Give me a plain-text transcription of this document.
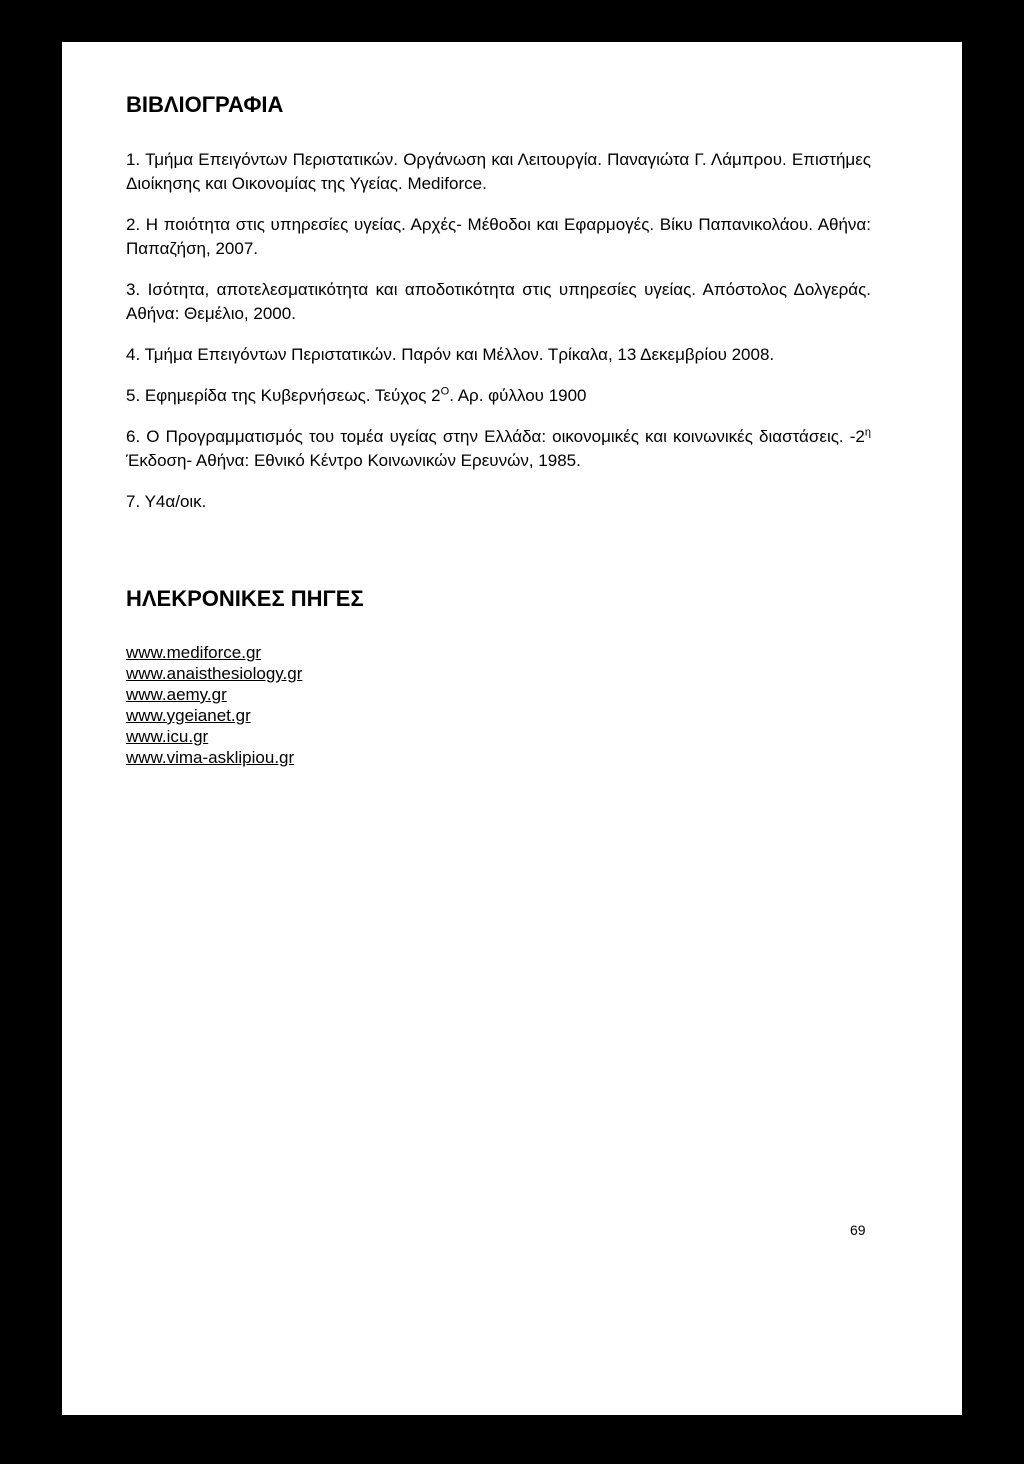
ΒΙΒΛΙΟΓΡΑΦΙΑ

1. Τμήμα Επειγόντων Περιστατικών. Οργάνωση και Λειτουργία. Παναγιώτα Γ. Λάμπρου. Επιστήμες Διοίκησης και Οικονομίας της Υγείας. Mediforce.

2. Η ποιότητα στις υπηρεσίες υγείας. Αρχές- Μέθοδοι και Εφαρμογές. Βίκυ Παπανικολάου. Αθήνα: Παπαζήση, 2007.

3. Ισότητα, αποτελεσματικότητα και αποδοτικότητα στις υπηρεσίες υγείας. Απόστολος Δολγεράς. Αθήνα: Θεμέλιο, 2000.

4. Τμήμα Επειγόντων Περιστατικών. Παρόν και Μέλλον. Τρίκαλα, 13 Δεκεμβρίου 2008.

5. Εφημερίδα της Κυβερνήσεως. Τεύχος $2^O$. Αρ. φύλλου 1900

6. Ο Προγραμματισμός του τομέα υγείας στην Ελλάδα: οικονομικές και κοινωνικές διαστάσεις. $-2^\eta$ Έκδοση- Αθήνα: Εθνικό Κέντρο Κοινωνικών Ερευνών, 1985.

7. Υ4α/οικ.

ΗΛΕΚΡΟΝΙΚΕΣ ΠΗΓΕΣ
www.mediforce.gr
www.anaisthesiology.gr
www.aemy.gr
www.ygeianet.gr
www.icu.gr
www.vima-asklipiou.gr
69
